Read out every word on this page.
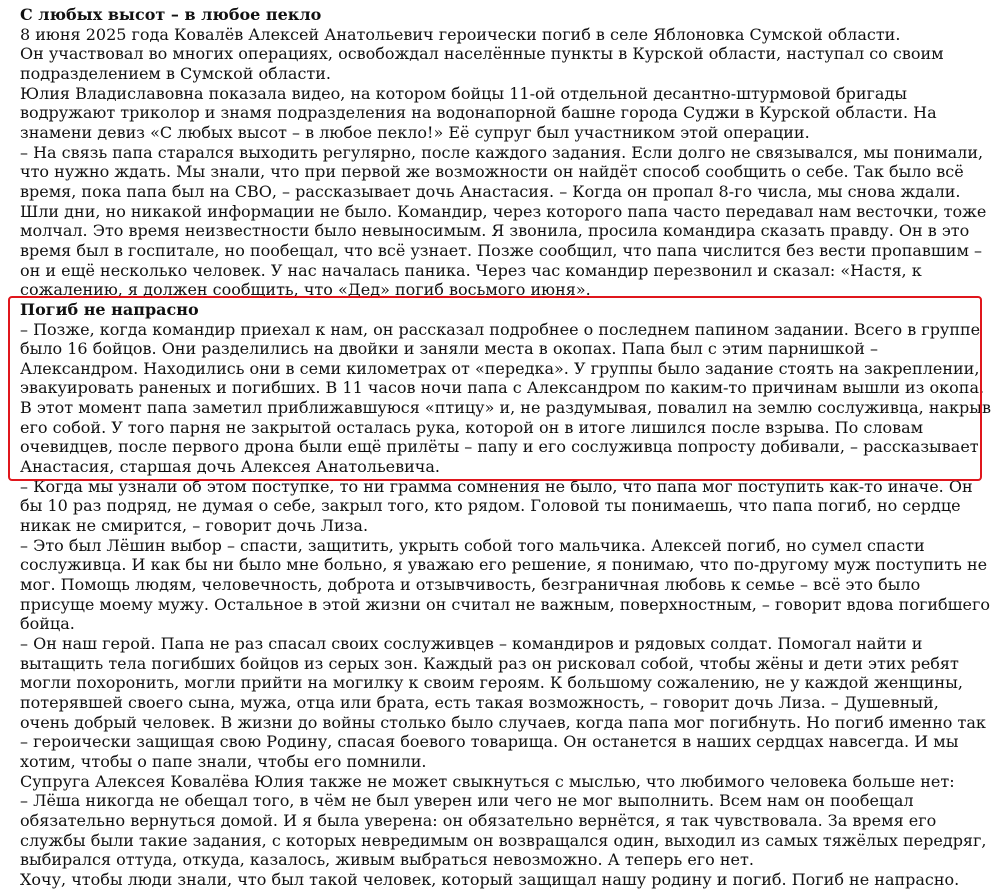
С любых высот – в любое пекло

8 июня 2025 года Ковалёв Алексей Анатольевич героически погиб в селе Яблоновка Сумской области.

Он участвовал во многих операциях, освобождал населённые пункты в Курской области, наступал со своим подразделением в Сумской области.

Юлия Владиславовна показала видео, на котором бойцы 11-ой отдельной десантно-штурмовой бригады водружают триколор и знамя подразделения на водонапорной башне города Суджи в Курской области. На знамени девиз «С любых высот – в любое пекло!» Её супруг был участником этой операции.

– На связь папа старался выходить регулярно, после каждого задания. Если долго не связывался, мы понимали, что нужно ждать. Мы знали, что при первой же возможности он найдёт способ сообщить о себе. Так было всё время, пока папа был на СВО, – рассказывает дочь Анастасия. – Когда он пропал 8-го числа, мы снова ждали. Шли дни, но никакой информации не было. Командир, через которого папа часто передавал нам весточки, тоже молчал. Это время неизвестности было невыносимым. Я звонила, просила командира сказать правду. Он в это время был в госпитале, но пообещал, что всё узнает. Позже сообщил, что папа числится без вести пропавшим – он и ещё несколько человек. У нас началась паника. Через час командир перезвонил и сказал: «Настя, к сожалению, я должен сообщить, что «Дед» погиб восьмого июня».

Погиб не напрасно

– Позже, когда командир приехал к нам, он рассказал подробнее о последнем папином задании. Всего в группе было 16 бойцов. Они разделились на двойки и заняли места в окопах. Папа был с этим парнишкой – Александром. Находились они в семи километрах от «передка». У группы было задание стоять на закреплении, эвакуировать раненых и погибших. В 11 часов ночи папа с Александром по каким-то причинам вышли из окопа. В этот момент папа заметил приближавшуюся «птицу» и, не раздумывая, повалил на землю сослуживца, накрыв его собой. У того парня не закрытой осталась рука, которой он в итоге лишился после взрыва. По словам очевидцев, после первого дрона были ещё прилёты – папу и его сослуживца попросту добивали, – рассказывает Анастасия, старшая дочь Алексея Анатольевича.

– Когда мы узнали об этом поступке, то ни грамма сомнения не было, что папа мог поступить как-то иначе. Он бы 10 раз подряд, не думая о себе, закрыл того, кто рядом. Головой ты понимаешь, что папа погиб, но сердце никак не смирится, – говорит дочь Лиза.

– Это был Лёшин выбор – спасти, защитить, укрыть собой того мальчика. Алексей погиб, но сумел спасти сослуживца. И как бы ни было мне больно, я уважаю его решение, я понимаю, что по-другому муж поступить не мог. Помощь людям, человечность, доброта и отзывчивость, безграничная любовь к семье – всё это было присуще моему мужу. Остальное в этой жизни он считал не важным, поверхностным, – говорит вдова погибшего бойца.

– Он наш герой. Папа не раз спасал своих сослуживцев – командиров и рядовых солдат. Помогал найти и вытащить тела погибших бойцов из серых зон. Каждый раз он рисковал собой, чтобы жёны и дети этих ребят могли похоронить, могли прийти на могилку к своим героям. К большому сожалению, не у каждой женщины, потерявшей своего сына, мужа, отца или брата, есть такая возможность, – говорит дочь Лиза. – Душевный, очень добрый человек. В жизни до войны столько было случаев, когда папа мог погибнуть. Но погиб именно так – героически защищая свою Родину, спасая боевого товарища. Он останется в наших сердцах навсегда. И мы хотим, чтобы о папе знали, чтобы его помнили.

Супруга Алексея Ковалёва Юлия также не может свыкнуться с мыслью, что любимого человека больше нет:

– Лёша никогда не обещал того, в чём не был уверен или чего не мог выполнить. Всем нам он пообещал обязательно вернуться домой. И я была уверена: он обязательно вернётся, я так чувствовала. За время его службы были такие задания, с которых невредимым он возвращался один, выходил из самых тяжёлых передряг, выбирался оттуда, откуда, казалось, живым выбраться невозможно. А теперь его нет.

Хочу, чтобы люди знали, что был такой человек, который защищал нашу родину и погиб. Погиб не напрасно.
